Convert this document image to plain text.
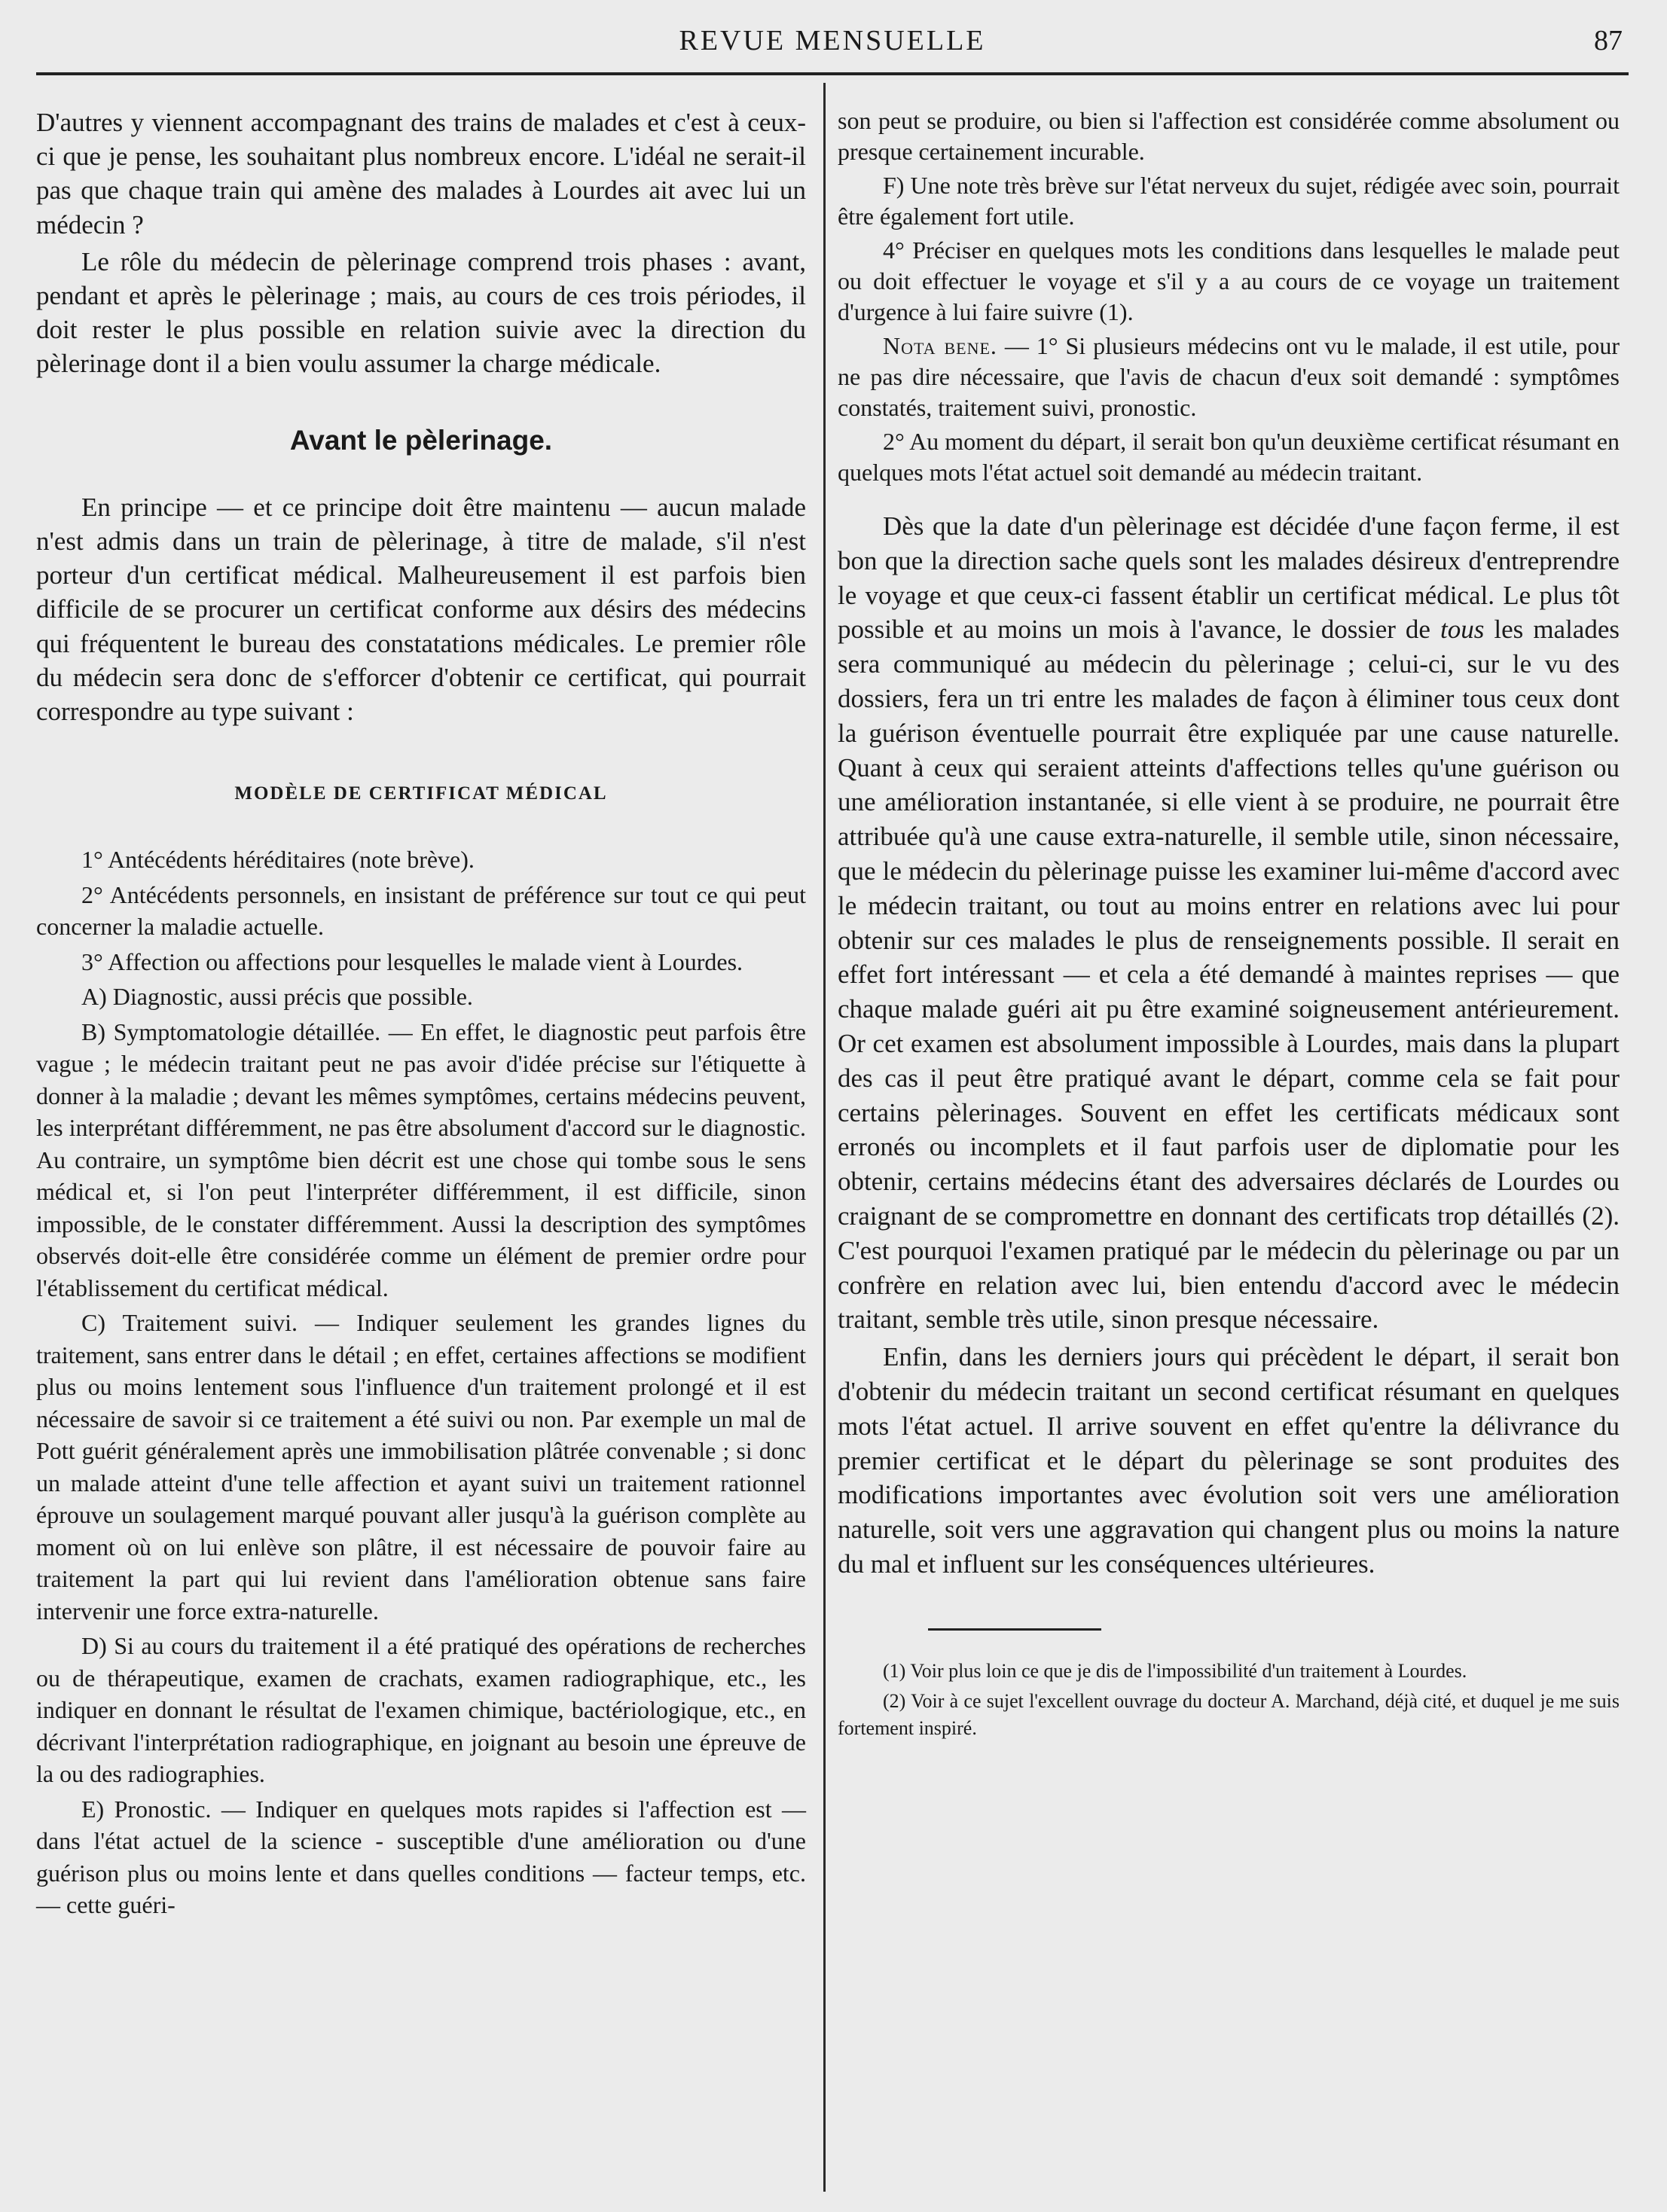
REVUE MENSUELLE	87

D'autres y viennent accompagnant des trains de malades et c'est à ceux-ci que je pense, les souhaitant plus nombreux encore. L'idéal ne serait-il pas que chaque train qui amène des malades à Lourdes ait avec lui un médecin ?

Le rôle du médecin de pèlerinage comprend trois phases : avant, pendant et après le pèlerinage ; mais, au cours de ces trois périodes, il doit rester le plus possible en relation suivie avec la direction du pèlerinage dont il a bien voulu assumer la charge médicale.

Avant le pèlerinage.

En principe — et ce principe doit être maintenu — aucun malade n'est admis dans un train de pèlerinage, à titre de malade, s'il n'est porteur d'un certificat médical. Malheureusement il est parfois bien difficile de se procurer un certificat conforme aux désirs des médecins qui fréquentent le bureau des constatations médicales. Le premier rôle du médecin sera donc de s'efforcer d'obtenir ce certificat, qui pourrait correspondre au type suivant :

MODÈLE DE CERTIFICAT MÉDICAL

1° Antécédents héréditaires (note brève).

2° Antécédents personnels, en insistant de préférence sur tout ce qui peut concerner la maladie actuelle.

3° Affection ou affections pour lesquelles le malade vient à Lourdes.

A) Diagnostic, aussi précis que possible.

B) Symptomatologie détaillée. — En effet, le diagnostic peut parfois être vague ; le médecin traitant peut ne pas avoir d'idée précise sur l'étiquette à donner à la maladie ; devant les mêmes symptômes, certains médecins peuvent, les interprétant différemment, ne pas être absolument d'accord sur le diagnostic. Au contraire, un symptôme bien décrit est une chose qui tombe sous le sens médical et, si l'on peut l'interpréter différemment, il est difficile, sinon impossible, de le constater différemment. Aussi la description des symptômes observés doit-elle être considérée comme un élément de premier ordre pour l'établissement du certificat médical.

C) Traitement suivi. — Indiquer seulement les grandes lignes du traitement, sans entrer dans le détail ; en effet, certaines affections se modifient plus ou moins lentement sous l'influence d'un traitement prolongé et il est nécessaire de savoir si ce traitement a été suivi ou non. Par exemple un mal de Pott guérit généralement après une immobilisation plâtrée convenable ; si donc un malade atteint d'une telle affection et ayant suivi un traitement rationnel éprouve un soulagement marqué pouvant aller jusqu'à la guérison complète au moment où on lui enlève son plâtre, il est nécessaire de pouvoir faire au traitement la part qui lui revient dans l'amélioration obtenue sans faire intervenir une force extra-naturelle.

D) Si au cours du traitement il a été pratiqué des opérations de recherches ou de thérapeutique, examen de crachats, examen radiographique, etc., les indiquer en donnant le résultat de l'examen chimique, bactériologique, etc., en décrivant l'interprétation radiographique, en joignant au besoin une épreuve de la ou des radiographies.

E) Pronostic. — Indiquer en quelques mots rapides si l'affection est — dans l'état actuel de la science - susceptible d'une amélioration ou d'une guérison plus ou moins lente et dans quelles conditions — facteur temps, etc. — cette guéri-

son peut se produire, ou bien si l'affection est considérée comme absolument ou presque certainement incurable.

F) Une note très brève sur l'état nerveux du sujet, rédigée avec soin, pourrait être également fort utile.

4° Préciser en quelques mots les conditions dans lesquelles le malade peut ou doit effectuer le voyage et s'il y a au cours de ce voyage un traitement d'urgence à lui faire suivre (1).

Nota bene. — 1° Si plusieurs médecins ont vu le malade, il est utile, pour ne pas dire nécessaire, que l'avis de chacun d'eux soit demandé : symptômes constatés, traitement suivi, pronostic.

2° Au moment du départ, il serait bon qu'un deuxième certificat résumant en quelques mots l'état actuel soit demandé au médecin traitant.

Dès que la date d'un pèlerinage est décidée d'une façon ferme, il est bon que la direction sache quels sont les malades désireux d'entreprendre le voyage et que ceux-ci fassent établir un certificat médical. Le plus tôt possible et au moins un mois à l'avance, le dossier de tous les malades sera communiqué au médecin du pèlerinage ; celui-ci, sur le vu des dossiers, fera un tri entre les malades de façon à éliminer tous ceux dont la guérison éventuelle pourrait être expliquée par une cause naturelle. Quant à ceux qui seraient atteints d'affections telles qu'une guérison ou une amélioration instantanée, si elle vient à se produire, ne pourrait être attribuée qu'à une cause extra-naturelle, il semble utile, sinon nécessaire, que le médecin du pèlerinage puisse les examiner lui-même d'accord avec le médecin traitant, ou tout au moins entrer en relations avec lui pour obtenir sur ces malades le plus de renseignements possible. Il serait en effet fort intéressant — et cela a été demandé à maintes reprises — que chaque malade guéri ait pu être examiné soigneusement antérieurement. Or cet examen est absolument impossible à Lourdes, mais dans la plupart des cas il peut être pratiqué avant le départ, comme cela se fait pour certains pèlerinages. Souvent en effet les certificats médicaux sont erronés ou incomplets et il faut parfois user de diplomatie pour les obtenir, certains médecins étant des adversaires déclarés de Lourdes ou craignant de se compromettre en donnant des certificats trop détaillés (2). C'est pourquoi l'examen pratiqué par le médecin du pèlerinage ou par un confrère en relation avec lui, bien entendu d'accord avec le médecin traitant, semble très utile, sinon presque nécessaire.

Enfin, dans les derniers jours qui précèdent le départ, il serait bon d'obtenir du médecin traitant un second certificat résumant en quelques mots l'état actuel. Il arrive souvent en effet qu'entre la délivrance du premier certificat et le départ du pèlerinage se sont produites des modifications importantes avec évolution soit vers une amélioration naturelle, soit vers une aggravation qui changent plus ou moins la nature du mal et influent sur les conséquences ultérieures.

(1) Voir plus loin ce que je dis de l'impossibilité d'un traitement à Lourdes.

(2) Voir à ce sujet l'excellent ouvrage du docteur A. Marchand, déjà cité, et duquel je me suis fortement inspiré.
